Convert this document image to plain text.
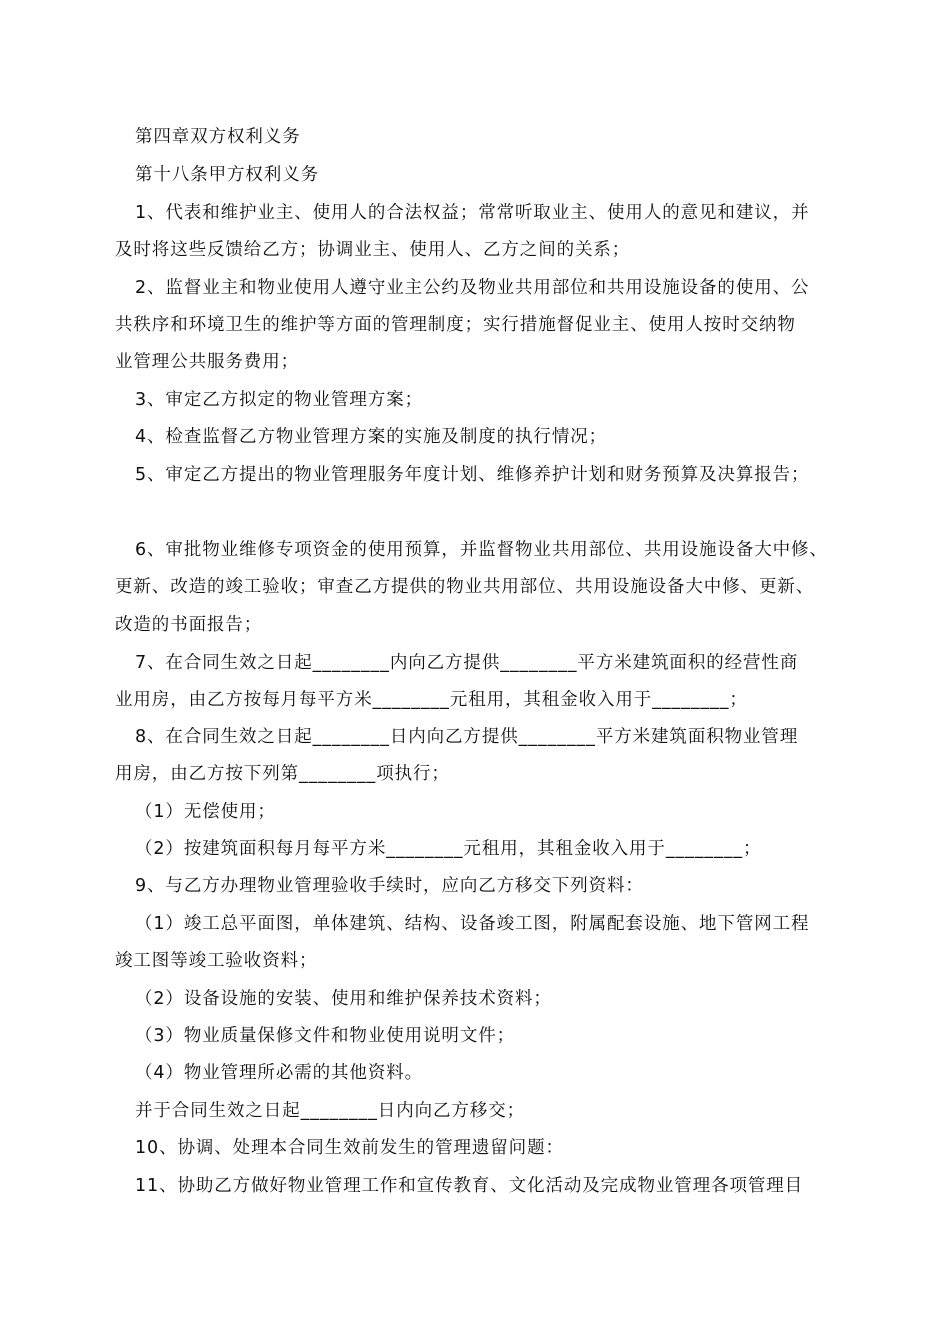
第四章双方权利义务
第十八条甲方权利义务
1、代表和维护业主、使用人的合法权益；常常听取业主、使用人的意见和建议，并
及时将这些反馈给乙方；协调业主、使用人、乙方之间的关系；
2、监督业主和物业使用人遵守业主公约及物业共用部位和共用设施设备的使用、公
共秩序和环境卫生的维护等方面的管理制度；实行措施督促业主、使用人按时交纳物
业管理公共服务费用；
3、审定乙方拟定的物业管理方案；
4、检查监督乙方物业管理方案的实施及制度的执行情况；
5、审定乙方提出的物业管理服务年度计划、维修养护计划和财务预算及决算报告；
6、审批物业维修专项资金的使用预算，并监督物业共用部位、共用设施设备大中修、
更新、改造的竣工验收；审查乙方提供的物业共用部位、共用设施设备大中修、更新、
改造的书面报告；
7、在合同生效之日起________内向乙方提供________平方米建筑面积的经营性商
业用房，由乙方按每月每平方米________元租用，其租金收入用于________；
8、在合同生效之日起________日内向乙方提供________平方米建筑面积物业管理
用房，由乙方按下列第________项执行；
（1）无偿使用；
（2）按建筑面积每月每平方米________元租用，其租金收入用于________；
9、与乙方办理物业管理验收手续时，应向乙方移交下列资料：
（1）竣工总平面图，单体建筑、结构、设备竣工图，附属配套设施、地下管网工程
竣工图等竣工验收资料；
（2）设备设施的安装、使用和维护保养技术资料；
（3）物业质量保修文件和物业使用说明文件；
（4）物业管理所必需的其他资料。
并于合同生效之日起________日内向乙方移交；
10、协调、处理本合同生效前发生的管理遗留问题：
11、协助乙方做好物业管理工作和宣传教育、文化活动及完成物业管理各项管理目
